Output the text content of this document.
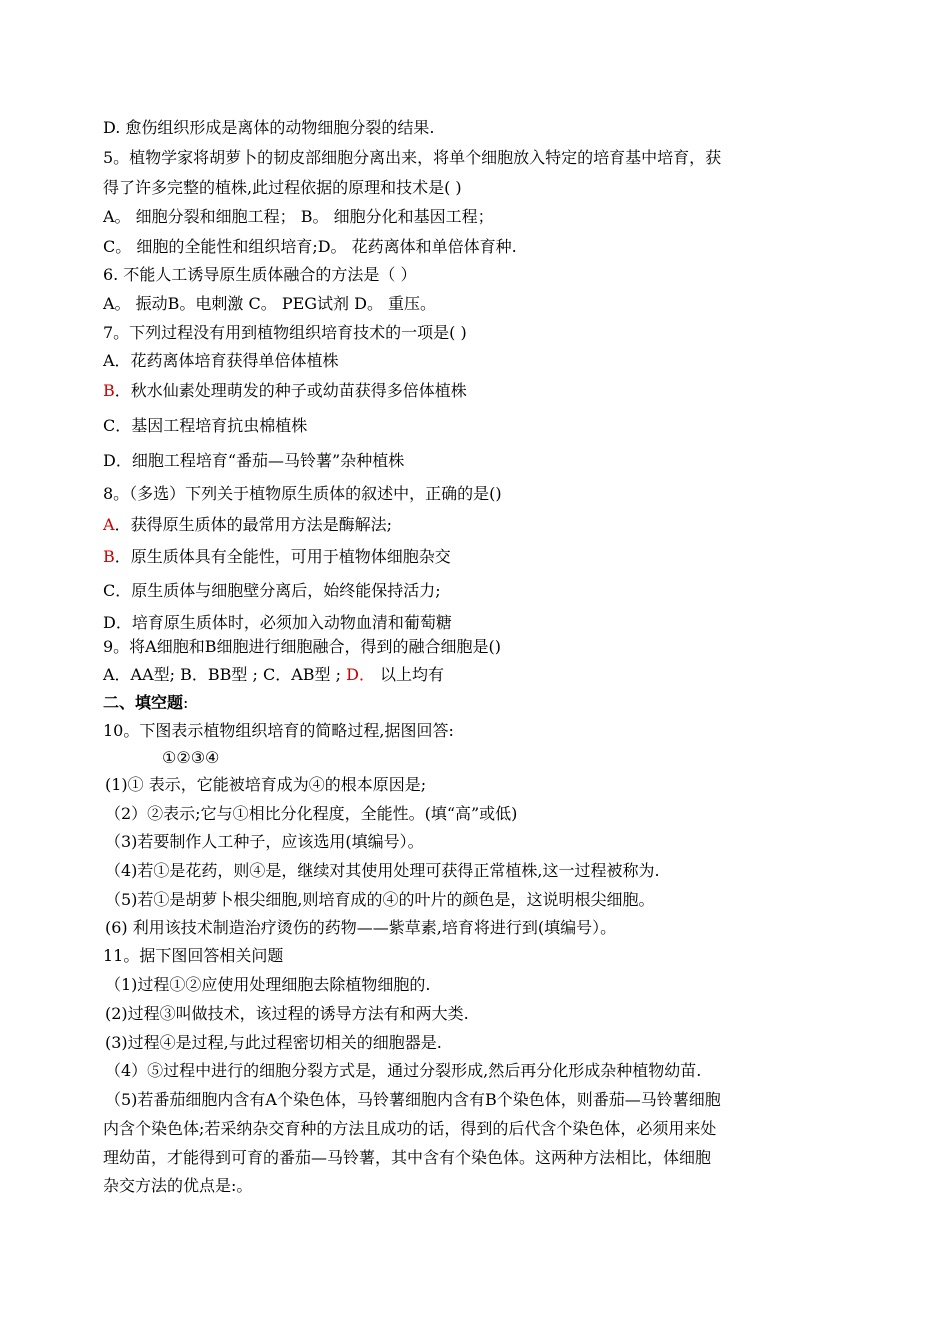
D. 愈伤组织形成是离体的动物细胞分裂的结果.
5。植物学家将胡萝卜的韧皮部细胞分离出来，将单个细胞放入特定的培育基中培育，获
得了许多完整的植株,此过程依据的原理和技术是( )
A。 细胞分裂和细胞工程； B。 细胞分化和基因工程；
C。 细胞的全能性和组织培育;D。 花药离体和单倍体育种.
6. 不能人工诱导原生质体融合的方法是（ ）
A。 振动B。电刺激 C。 PEG试剂 D。 重压。
7。下列过程没有用到植物组织培育技术的一项是( )
A．花药离体培育获得单倍体植株
B．秋水仙素处理萌发的种子或幼苗获得多倍体植株
C．基因工程培育抗虫棉植株
D．细胞工程培育“番茄—马铃薯”杂种植株
8。（多选）下列关于植物原生质体的叙述中，正确的是()
A．获得原生质体的最常用方法是酶解法;
B．原生质体具有全能性，可用于植物体细胞杂交
C．原生质体与细胞壁分离后，始终能保持活力;
D．培育原生质体时，必须加入动物血清和葡萄糖
9。将A细胞和B细胞进行细胞融合，得到的融合细胞是()
A．AA型; B．BB型 ; C．AB型 ; D． 以上均有
二、填空题:
10。下图表示植物组织培育的简略过程,据图回答:
①②③④
(1)① 表示，它能被培育成为④的根本原因是;
（2）②表示;它与①相比分化程度，全能性。(填“高”或低)
（3)若要制作人工种子，应该选用(填编号）。
（4)若①是花药，则④是，继续对其使用处理可获得正常植株,这一过程被称为.
（5)若①是胡萝卜根尖细胞,则培育成的④的叶片的颜色是，这说明根尖细胞。
(6) 利用该技术制造治疗烫伤的药物——紫草素,培育将进行到(填编号）。
11。据下图回答相关问题
（1)过程①②应使用处理细胞去除植物细胞的.
(2)过程③叫做技术，该过程的诱导方法有和两大类.
(3)过程④是过程,与此过程密切相关的细胞器是.
（4）⑤过程中进行的细胞分裂方式是，通过分裂形成,然后再分化形成杂种植物幼苗.
（5)若番茄细胞内含有A个染色体，马铃薯细胞内含有B个染色体，则番茄—马铃薯细胞
内含个染色体;若采纳杂交育种的方法且成功的话，得到的后代含个染色体，必须用来处
理幼苗，才能得到可育的番茄—马铃薯，其中含有个染色体。这两种方法相比，体细胞
杂交方法的优点是:。
